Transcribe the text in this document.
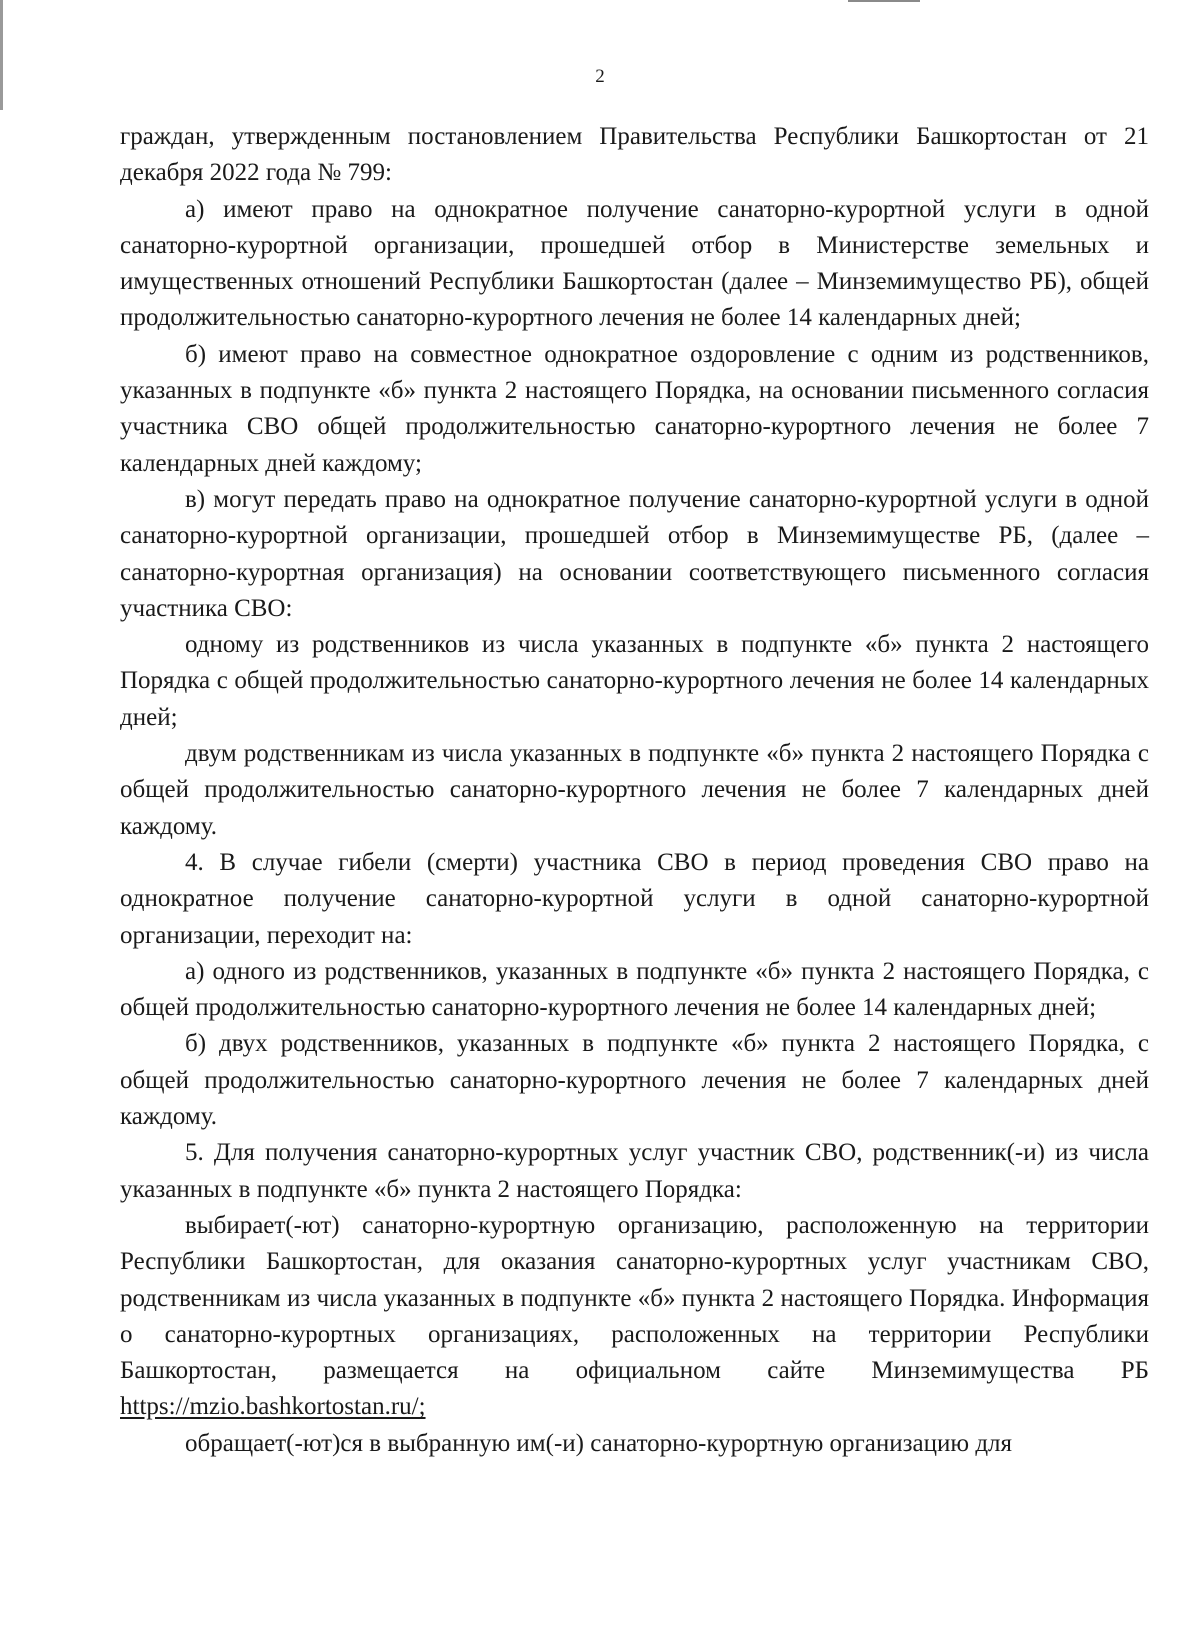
2

граждан, утвержденным постановлением Правительства Республики Башкортостан от 21 декабря 2022 года № 799:

а) имеют право на однократное получение санаторно-курортной услуги в одной санаторно-курортной организации, прошедшей отбор в Министерстве земельных и имущественных отношений Республики Башкортостан (далее – Минземимущество РБ), общей продолжительностью санаторно-курортного лечения не более 14 календарных дней;

б) имеют право на совместное однократное оздоровление с одним из родственников, указанных в подпункте «б» пункта 2 настоящего Порядка, на основании письменного согласия участника СВО общей продолжительностью санаторно-курортного лечения не более 7 календарных дней каждому;

в) могут передать право на однократное получение санаторно-курортной услуги в одной санаторно-курортной организации, прошедшей отбор в Минземимуществе РБ, (далее – санаторно-курортная организация) на основании соответствующего письменного согласия участника СВО:

одному из родственников из числа указанных в подпункте «б» пункта 2 настоящего Порядка с общей продолжительностью санаторно-курортного лечения не более 14 календарных дней;

двум родственникам из числа указанных в подпункте «б» пункта 2 настоящего Порядка с общей продолжительностью санаторно-курортного лечения не более 7 календарных дней каждому.

4. В случае гибели (смерти) участника СВО в период проведения СВО право на однократное получение санаторно-курортной услуги в одной санаторно-курортной организации, переходит на:

а) одного из родственников, указанных в подпункте «б» пункта 2 настоящего Порядка, с общей продолжительностью санаторно-курортного лечения не более 14 календарных дней;

б) двух родственников, указанных в подпункте «б» пункта 2 настоящего Порядка, с общей продолжительностью санаторно-курортного лечения не более 7 календарных дней каждому.

5. Для получения санаторно-курортных услуг участник СВО, родственник(-и) из числа указанных в подпункте «б» пункта 2 настоящего Порядка:

выбирает(-ют) санаторно-курортную организацию, расположенную на территории Республики Башкортостан, для оказания санаторно-курортных услуг участникам СВО, родственникам из числа указанных в подпункте «б» пункта 2 настоящего Порядка. Информация о санаторно-курортных организациях, расположенных на территории Республики Башкортостан, размещается на официальном сайте Минземимущества РБ https://mzio.bashkortostan.ru/;

обращает(-ют)ся в выбранную им(-и) санаторно-курортную организацию для
